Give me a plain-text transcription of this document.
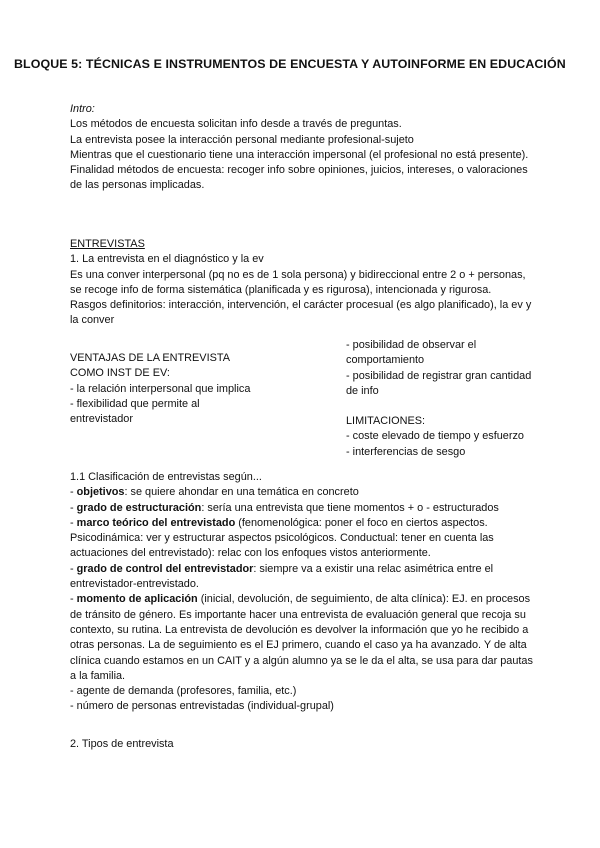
BLOQUE 5: TÉCNICAS E INSTRUMENTOS DE ENCUESTA Y AUTOINFORME EN EDUCACIÓN

Intro:

Los métodos de encuesta solicitan info desde a través de preguntas.

La entrevista posee la interacción personal mediante profesional-sujeto

Mientras que el cuestionario tiene una interacción impersonal (el profesional no está presente).

Finalidad métodos de encuesta: recoger info sobre opiniones, juicios, intereses, o valoraciones de las personas implicadas.

ENTREVISTAS

1. La entrevista en el diagnóstico y la ev

Es una conver interpersonal (pq no es de 1 sola persona) y bidireccional entre 2 o + personas, se recoge info de forma sistemática (planificada y es rigurosa), intencionada y rigurosa.

Rasgos definitorios: interacción, intervención, el carácter procesual (es algo planificado), la ev y la conver

VENTAJAS DE LA ENTREVISTA

COMO INST DE EV:

- la relación interpersonal que implica

- flexibilidad que permite al entrevistador

- posibilidad de observar el comportamiento

- posibilidad de registrar gran cantidad de info

LIMITACIONES:

- coste elevado de tiempo y esfuerzo

- interferencias de sesgo

1.1 Clasificación de entrevistas según...

- objetivos: se quiere ahondar en una temática en concreto

- grado de estructuración: sería una entrevista que tiene momentos + o - estructurados

- marco teórico del entrevistado (fenomenológica: poner el foco en ciertos aspectos. Psicodinámica: ver y estructurar aspectos psicológicos. Conductual: tener en cuenta las actuaciones del entrevistado): relac con los enfoques vistos anteriormente.

- grado de control del entrevistador: siempre va a existir una relac asimétrica entre el entrevistador-entrevistado.

- momento de aplicación (inicial, devolución, de seguimiento, de alta clínica): EJ. en procesos de tránsito de género. Es importante hacer una entrevista de evaluación general que recoja su contexto, su rutina. La entrevista de devolución es devolver la información que yo he recibido a otras personas. La de seguimiento es el EJ primero, cuando el caso ya ha avanzado. Y de alta clínica cuando estamos en un CAIT y a algún alumno ya se le da el alta, se usa para dar pautas a la familia.

- agente de demanda (profesores, familia, etc.)

- número de personas entrevistadas (individual-grupal)

2. Tipos de entrevista
